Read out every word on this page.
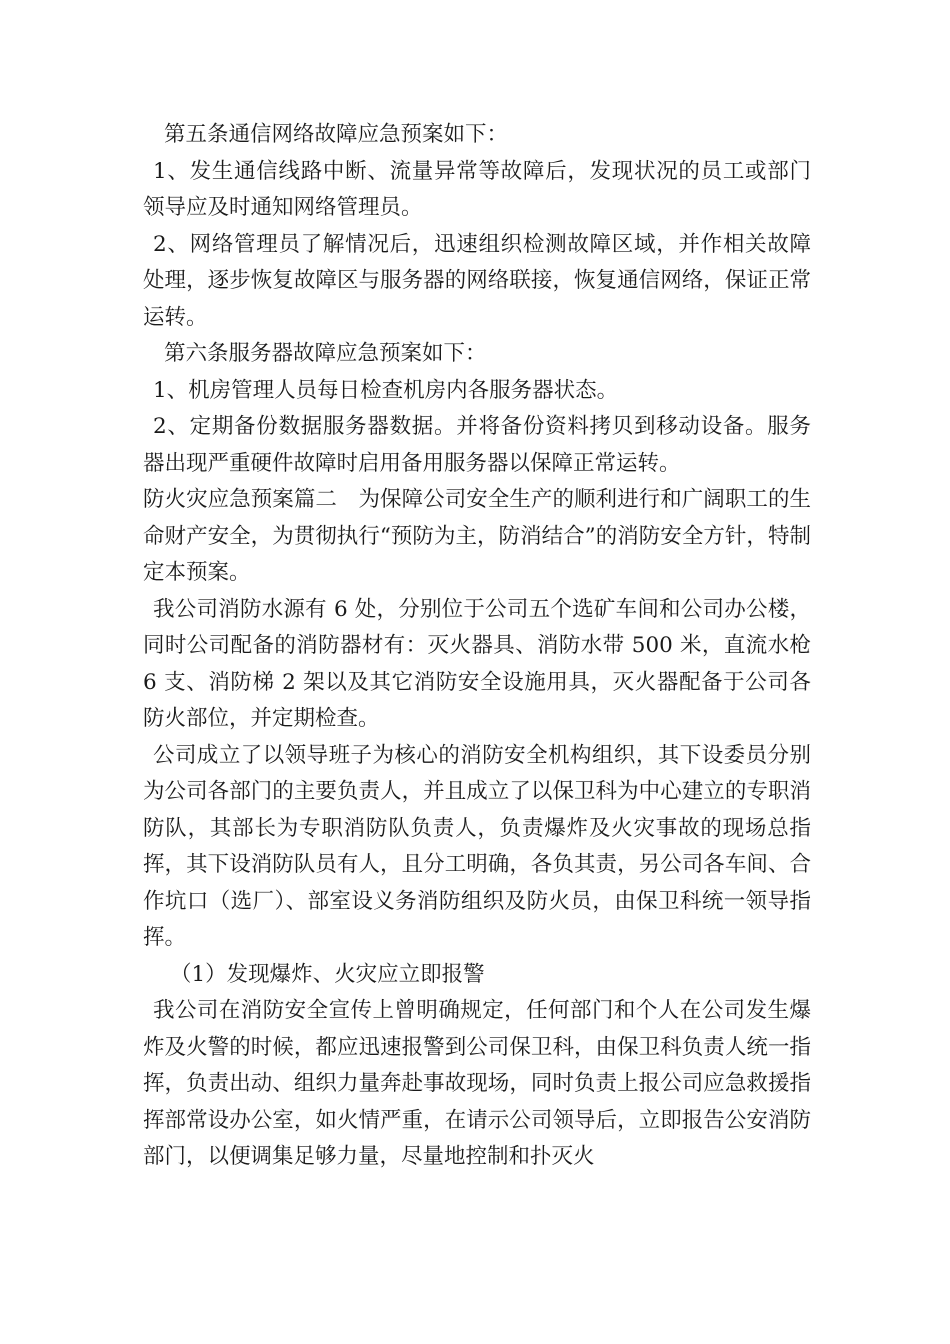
第五条通信网络故障应急预案如下：

1、发生通信线路中断、流量异常等故障后，发现状况的员工或部门领导应及时通知网络管理员。

2、网络管理员了解情况后，迅速组织检测故障区域，并作相关故障处理，逐步恢复故障区与服务器的网络联接，恢复通信网络，保证正常运转。

第六条服务器故障应急预案如下：

1、机房管理人员每日检查机房内各服务器状态。

2、定期备份数据服务器数据。并将备份资料拷贝到移动设备。服务器出现严重硬件故障时启用备用服务器以保障正常运转。

防火灾应急预案篇二　为保障公司安全生产的顺利进行和广阔职工的生命财产安全，为贯彻执行“预防为主，防消结合”的消防安全方针，特制定本预案。

我公司消防水源有 6 处，分别位于公司五个选矿车间和公司办公楼，同时公司配备的消防器材有：灭火器具、消防水带 500 米，直流水枪 6 支、消防梯 2 架以及其它消防安全设施用具，灭火器配备于公司各防火部位，并定期检查。

公司成立了以领导班子为核心的消防安全机构组织，其下设委员分别为公司各部门的主要负责人，并且成立了以保卫科为中心建立的专职消防队，其部长为专职消防队负责人，负责爆炸及火灾事故的现场总指挥，其下设消防队员有人，且分工明确，各负其责，另公司各车间、合作坑口（选厂）、部室设义务消防组织及防火员，由保卫科统一领导指挥。

（1）发现爆炸、火灾应立即报警

我公司在消防安全宣传上曾明确规定，任何部门和个人在公司发生爆炸及火警的时候，都应迅速报警到公司保卫科，由保卫科负责人统一指挥，负责出动、组织力量奔赴事故现场，同时负责上报公司应急救援指挥部常设办公室，如火情严重，在请示公司领导后，立即报告公安消防部门，以便调集足够力量，尽量地控制和扑灭火
